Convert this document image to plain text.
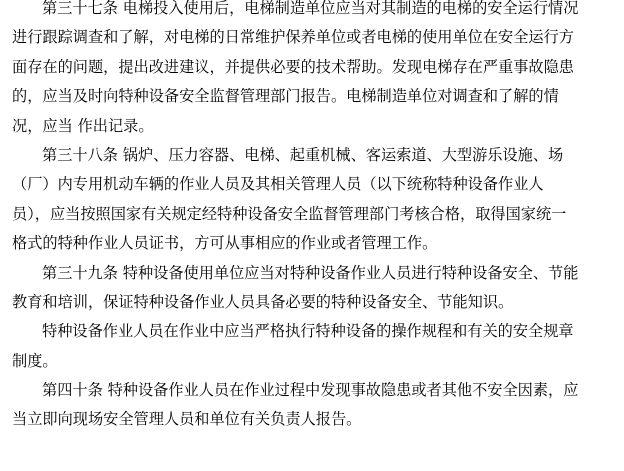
第三十七条 电梯投入使用后，电梯制造单位应当对其制造的电梯的安全运行情况
进行跟踪调查和了解，对电梯的日常维护保养单位或者电梯的使用单位在安全运行方
面存在的问题，提出改进建议，并提供必要的技术帮助。发现电梯存在严重事故隐患
的，应当及时向特种设备安全监督管理部门报告。电梯制造单位对调查和了解的情
况，应当 作出记录。
第三十八条 锅炉、压力容器、电梯、起重机械、客运索道、大型游乐设施、场
（厂）内专用机动车辆的作业人员及其相关管理人员（以下统称特种设备作业人
员），应当按照国家有关规定经特种设备安全监督管理部门考核合格，取得国家统一
格式的特种作业人员证书，方可从事相应的作业或者管理工作。
第三十九条 特种设备使用单位应当对特种设备作业人员进行特种设备安全、节能
教育和培训，保证特种设备作业人员具备必要的特种设备安全、节能知识。
特种设备作业人员在作业中应当严格执行特种设备的操作规程和有关的安全规章
制度。
第四十条 特种设备作业人员在作业过程中发现事故隐患或者其他不安全因素，应
当立即向现场安全管理人员和单位有关负责人报告。
